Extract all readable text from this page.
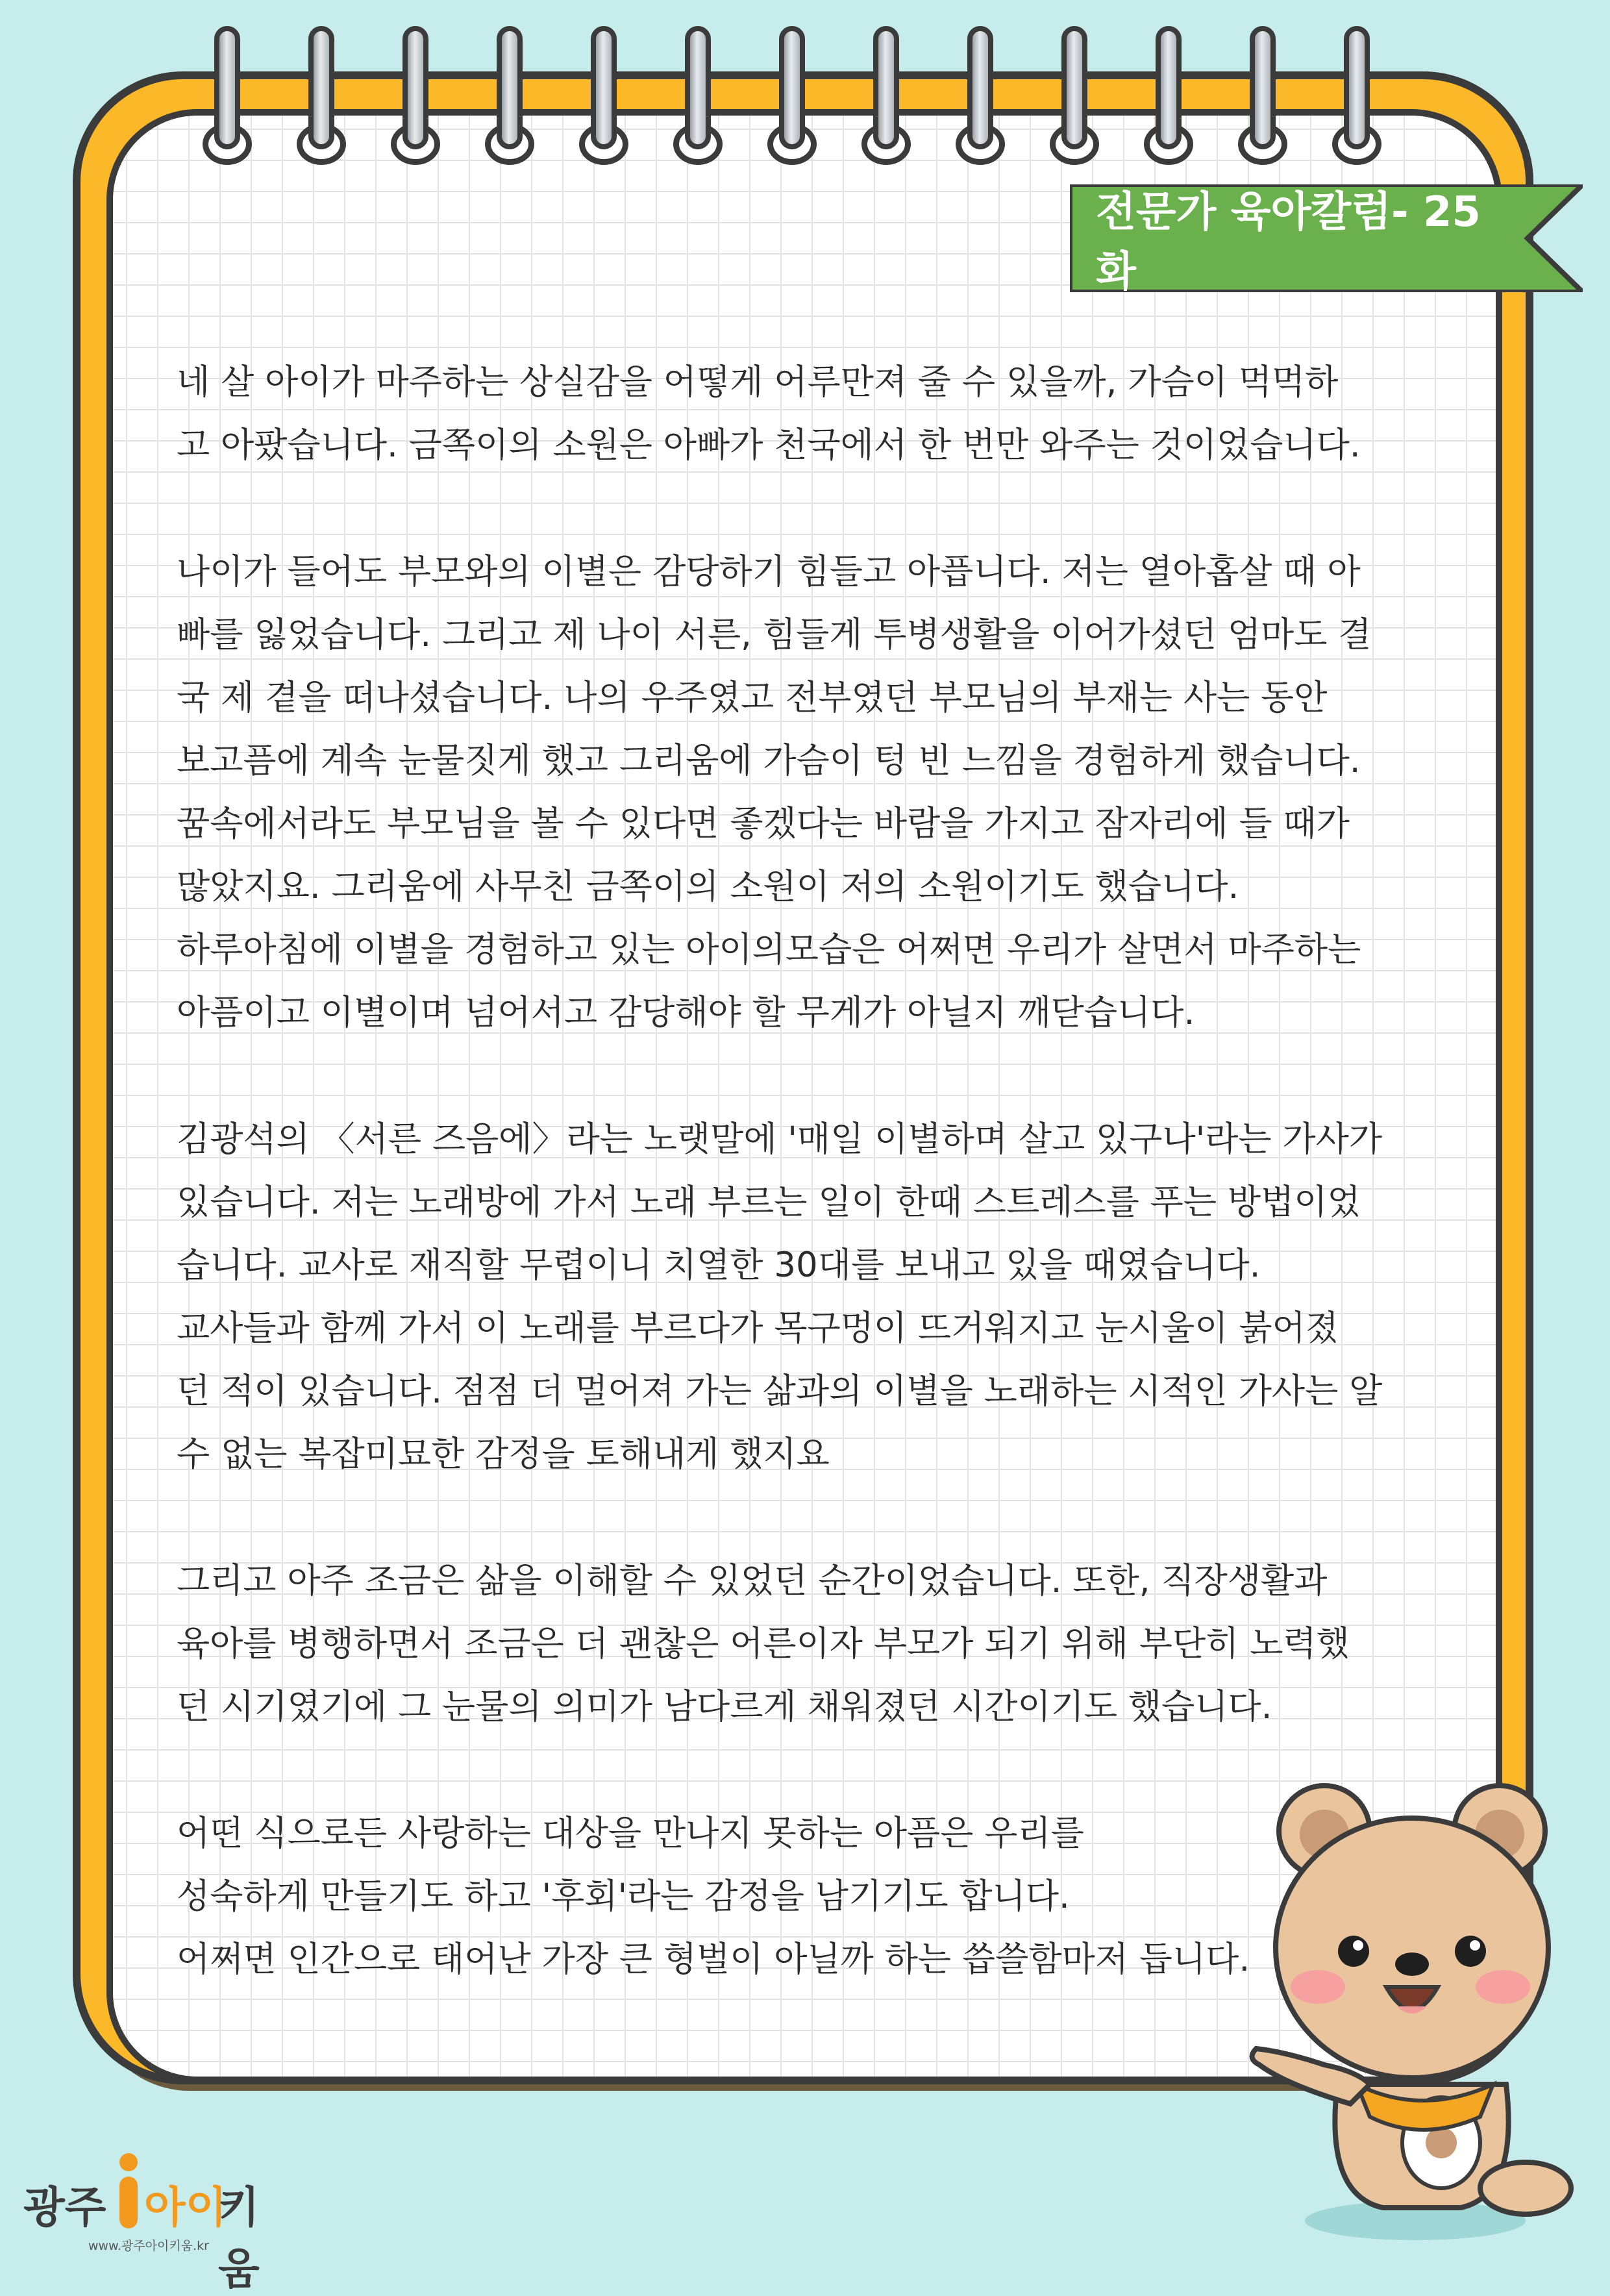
전문가 육아칼럼- 25화
네 살 아이가 마주하는 상실감을 어떻게 어루만져 줄 수 있을까, 가슴이 먹먹하
고 아팠습니다. 금쪽이의 소원은 아빠가 천국에서 한 번만 와주는 것이었습니다.
나이가 들어도 부모와의 이별은 감당하기 힘들고 아픕니다. 저는 열아홉살 때 아
빠를 잃었습니다. 그리고 제 나이 서른, 힘들게 투병생활을 이어가셨던 엄마도 결
국 제 곁을 떠나셨습니다. 나의 우주였고 전부였던 부모님의 부재는 사는 동안
보고픔에 계속 눈물짓게 했고 그리움에 가슴이 텅 빈 느낌을 경험하게 했습니다.
꿈속에서라도 부모님을 볼 수 있다면 좋겠다는 바람을 가지고 잠자리에 들 때가
많았지요. 그리움에 사무친 금쪽이의 소원이 저의 소원이기도 했습니다.
하루아침에 이별을 경험하고 있는 아이의모습은 어쩌면 우리가 살면서 마주하는
아픔이고 이별이며 넘어서고 감당해야 할 무게가 아닐지 깨닫습니다.
김광석의 〈서른 즈음에〉라는 노랫말에 '매일 이별하며 살고 있구나'라는 가사가
있습니다. 저는 노래방에 가서 노래 부르는 일이 한때 스트레스를 푸는 방법이었
습니다. 교사로 재직할 무렵이니 치열한 30대를 보내고 있을 때였습니다.
교사들과 함께 가서 이 노래를 부르다가 목구멍이 뜨거워지고 눈시울이 붉어졌
던 적이 있습니다. 점점 더 멀어져 가는 삶과의 이별을 노래하는 시적인 가사는 알
수 없는 복잡미묘한 감정을 토해내게 했지요
그리고 아주 조금은 삶을 이해할 수 있었던 순간이었습니다. 또한, 직장생활과
육아를 병행하면서 조금은 더 괜찮은 어른이자 부모가 되기 위해 부단히 노력했
던 시기였기에 그 눈물의 의미가 남다르게 채워졌던 시간이기도 했습니다.
어떤 식으로든 사랑하는 대상을 만나지 못하는 아픔은 우리를
성숙하게 만들기도 하고 '후회'라는 감정을 남기기도 합니다.
어쩌면 인간으로 태어난 가장 큰 형벌이 아닐까 하는 씁쓸함마저 듭니다.
광주 아이
키움
www.광주아이키움.kr
